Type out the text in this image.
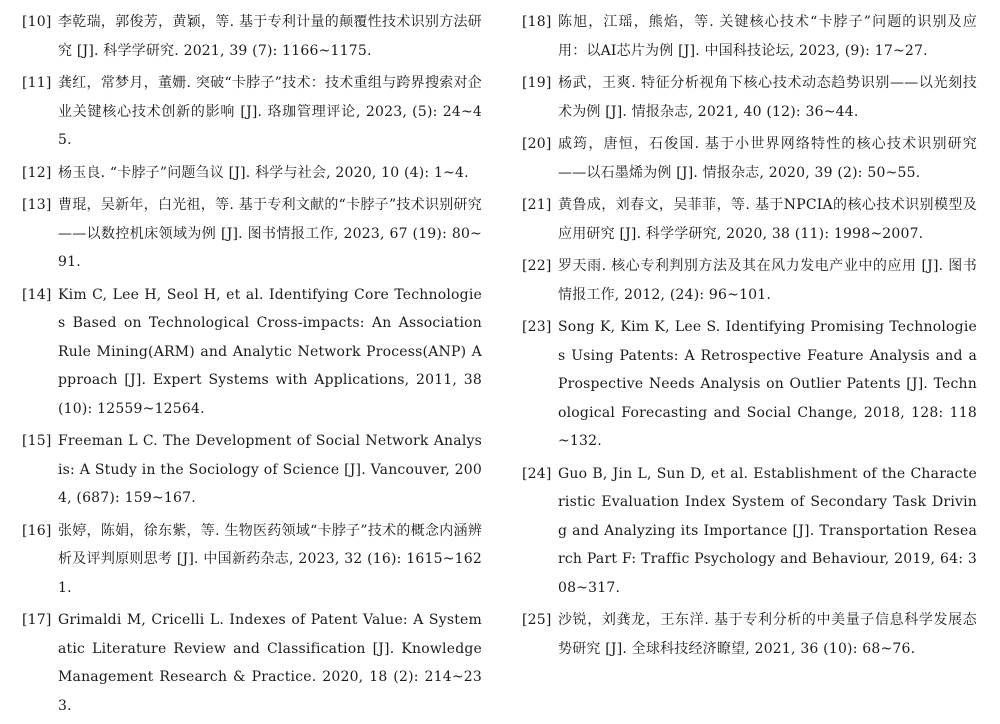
[10] 李乾瑞，郭俊芳，黄颖，等. 基于专利计量的颠覆性技术识别方法研究 [J]. 科学学研究. 2021, 39 (7): 1166~1175.
[11] 龚红，常梦月，董姗. 突破“卡脖子”技术：技术重组与跨界搜索对企业关键核心技术创新的影响 [J]. 珞珈管理评论, 2023, (5): 24~45.
[12] 杨玉良. “卡脖子”问题刍议 [J]. 科学与社会, 2020, 10 (4): 1~4.
[13] 曹琨，吴新年，白光祖，等. 基于专利文献的“卡脖子”技术识别研究——以数控机床领域为例 [J]. 图书情报工作, 2023, 67 (19): 80~91.
[14] Kim C, Lee H, Seol H, et al. Identifying Core Technologies Based on Technological Cross-impacts: An Association Rule Mining(ARM) and Analytic Network Process(ANP) Approach [J]. Expert Systems with Applications, 2011, 38 (10): 12559~12564.
[15] Freeman L C. The Development of Social Network Analysis: A Study in the Sociology of Science [J]. Vancouver, 2004, (687): 159~167.
[16] 张婷，陈娟，徐东紫，等. 生物医药领域“卡脖子”技术的概念内涵辨析及评判原则思考 [J]. 中国新药杂志, 2023, 32 (16): 1615~1621.
[17] Grimaldi M, Cricelli L. Indexes of Patent Value: A Systematic Literature Review and Classification [J]. Knowledge Management Research & Practice. 2020, 18 (2): 214~233.
[18] 陈旭，江瑶，熊焰，等. 关键核心技术“卡脖子”问题的识别及应用：以AI芯片为例 [J]. 中国科技论坛, 2023, (9): 17~27.
[19] 杨武，王爽. 特征分析视角下核心技术动态趋势识别——以光刻技术为例 [J]. 情报杂志, 2021, 40 (12): 36~44.
[20] 戚筠，唐恒，石俊国. 基于小世界网络特性的核心技术识别研究——以石墨烯为例 [J]. 情报杂志, 2020, 39 (2): 50~55.
[21] 黄鲁成，刘春文，吴菲菲，等. 基于NPCIA的核心技术识别模型及应用研究 [J]. 科学学研究, 2020, 38 (11): 1998~2007.
[22] 罗天雨. 核心专利判別方法及其在风力发电产业中的应用 [J]. 图书情报工作, 2012, (24): 96~101.
[23] Song K, Kim K, Lee S. Identifying Promising Technologies Using Patents: A Retrospective Feature Analysis and a Prospective Needs Analysis on Outlier Patents [J]. Technological Forecasting and Social Change, 2018, 128: 118~132.
[24] Guo B, Jin L, Sun D, et al. Establishment of the Characteristic Evaluation Index System of Secondary Task Driving and Analyzing its Importance [J]. Transportation Research Part F: Traffic Psychology and Behaviour, 2019, 64: 308~317.
[25] 沙锐，刘龚龙，王东洋. 基于专利分析的中美量子信息科学发展态势研究 [J]. 全球科技经济瞭望, 2021, 36 (10): 68~76.
